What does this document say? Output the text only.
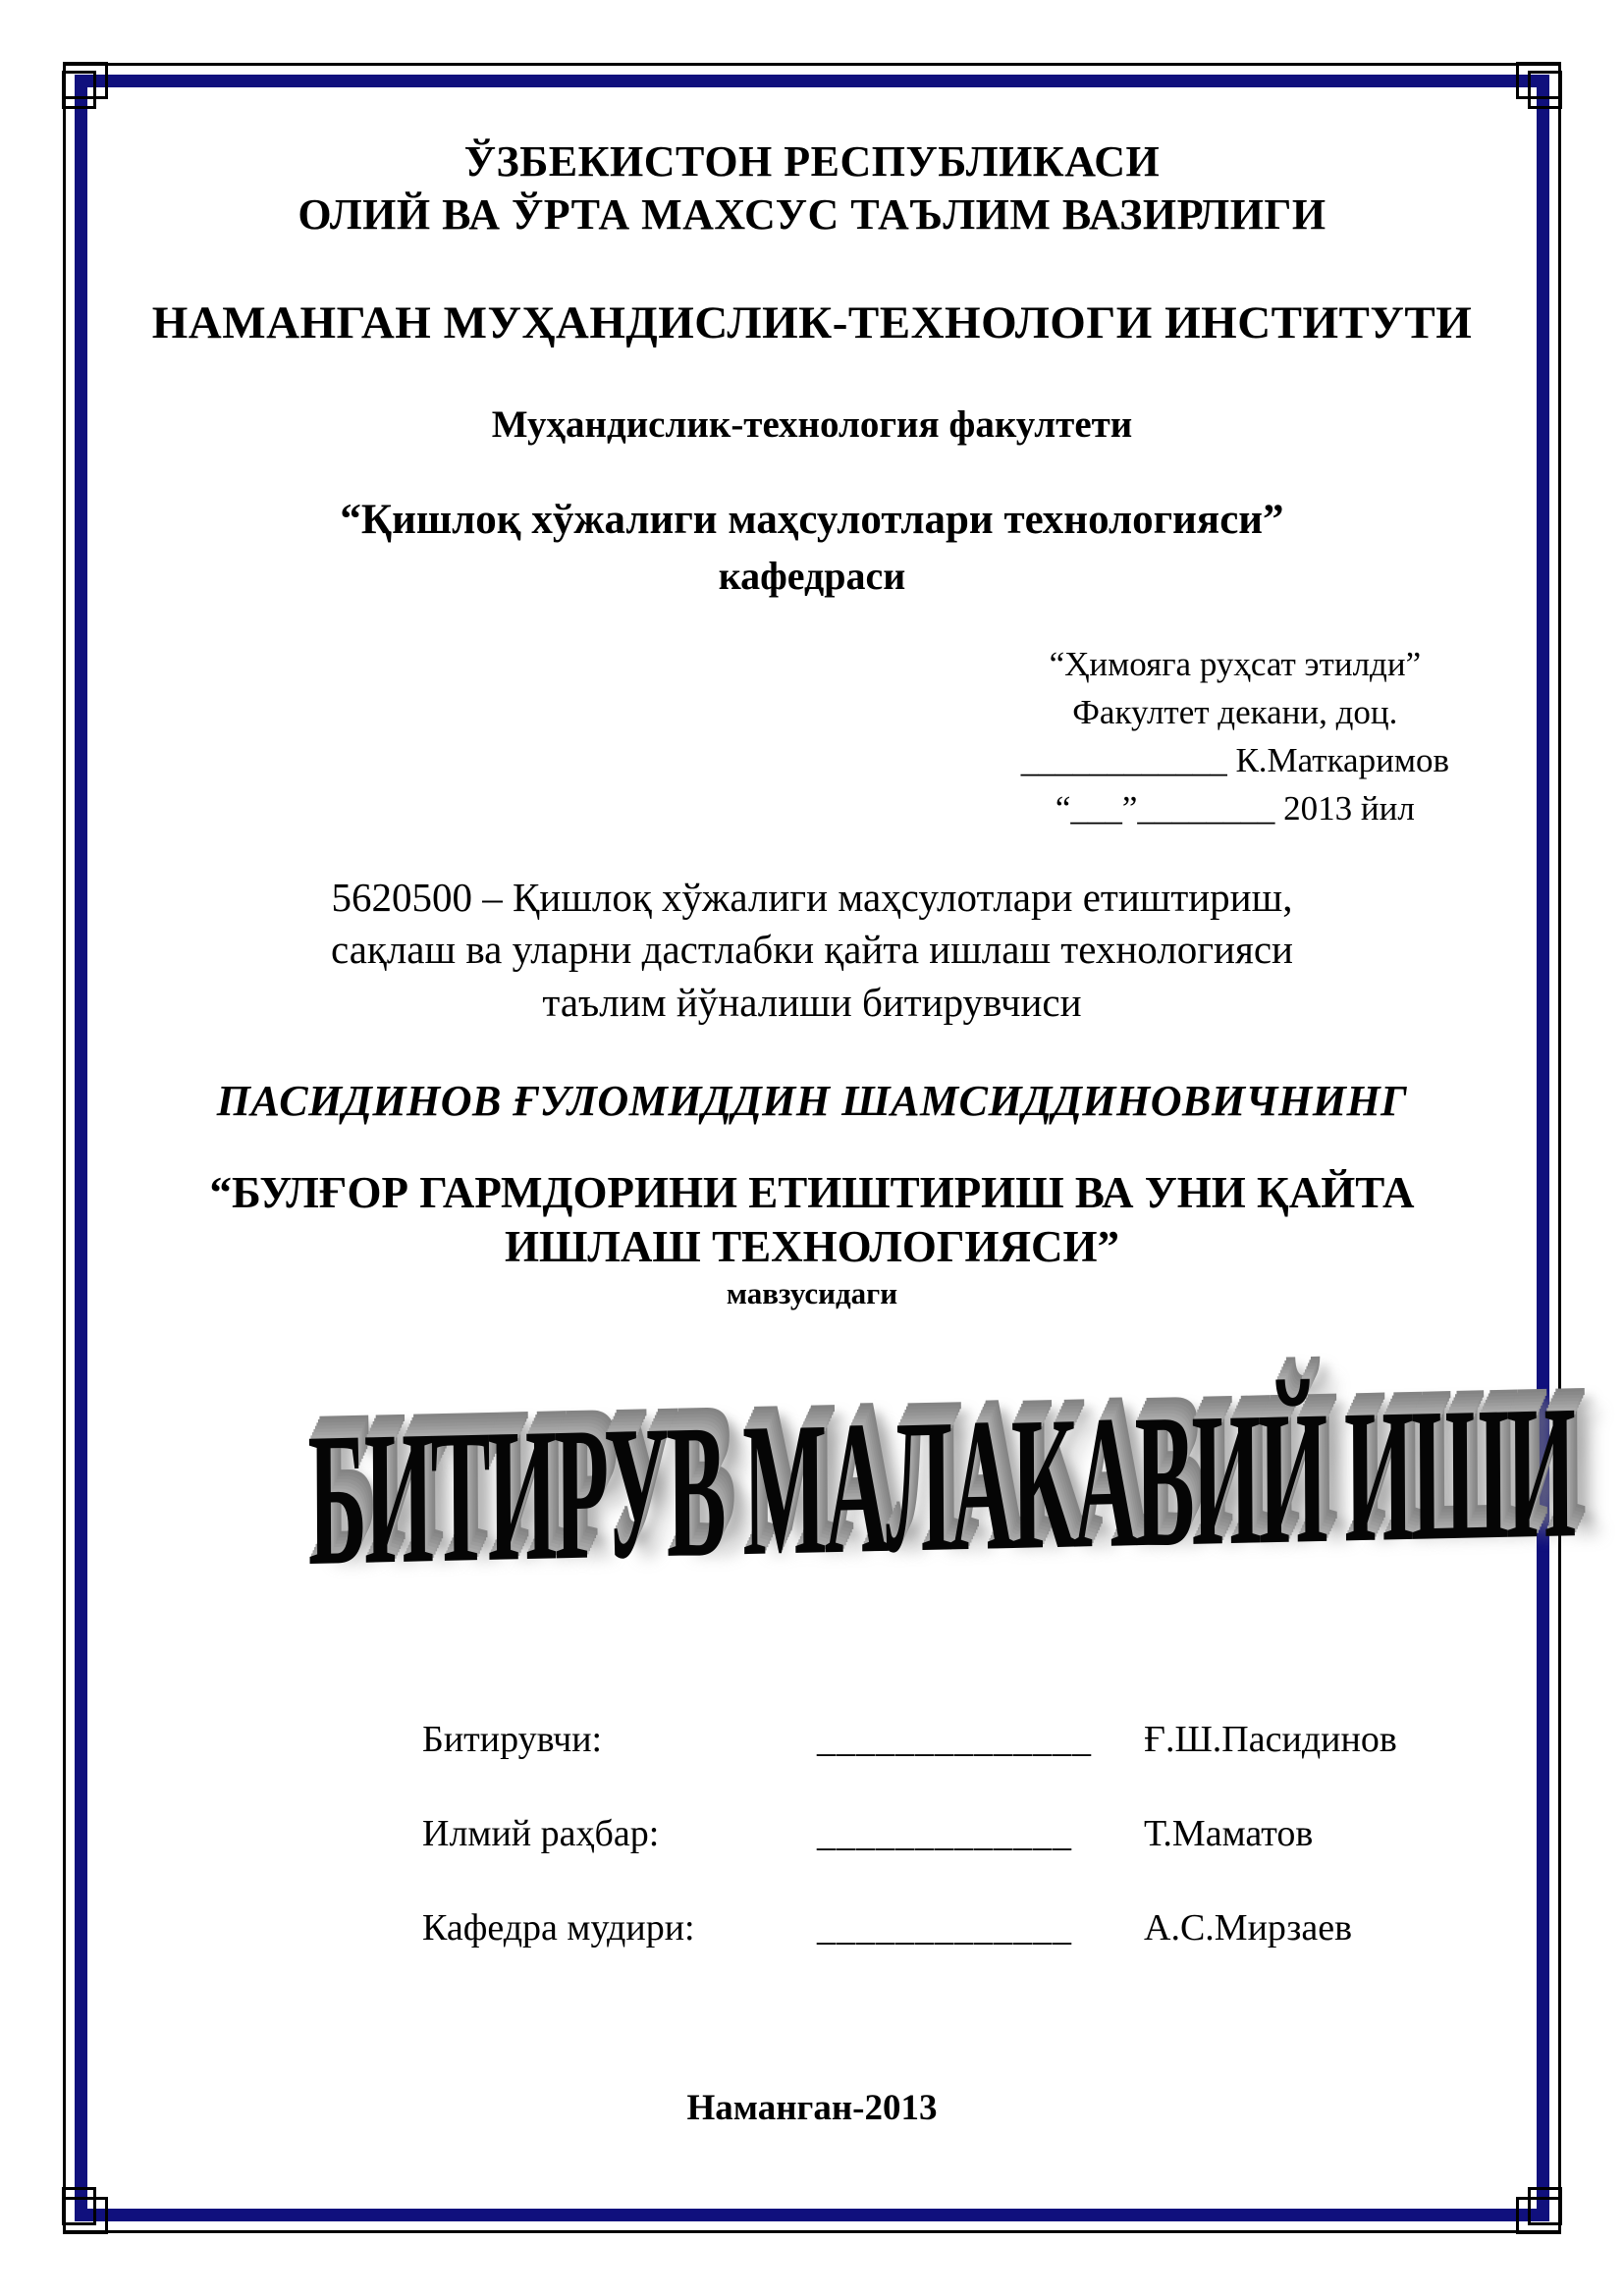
ЎЗБЕКИСТОН РЕСПУБЛИКАСИ
ОЛИЙ ВА ЎРТА МАХСУС ТАЪЛИМ ВАЗИРЛИГИ
НАМАНГАН МУҲАНДИСЛИК-ТЕХНОЛОГИ ИНСТИТУТИ
Муҳандислик-технология факултети
“Қишлоқ хўжалиги маҳсулотлари технологияси”
кафедраси
“Ҳимояга руҳсат этилди”
Факултет декани, доц.
____________ К.Маткаримов
“___”________ 2013 йил
5620500 – Қишлоқ хўжалиги маҳсулотлари етиштириш,
сақлаш ва уларни дастлабки қайта ишлаш технологияси
таълим йўналиши битирувчиси
ПАСИДИНОВ ҒУЛОМИДДИН ШАМСИДДИНОВИЧНИНГ
“БУЛҒОР ГАРМДОРИНИ ЕТИШТИРИШ ВА УНИ ҚАЙТА
ИШЛАШ ТЕХНОЛОГИЯСИ”
мавзусидаги
БИТИРУВ МАЛАКАВИЙ ИШИ
Битирувчи:	______________ Ғ.Ш.Пасидинов
Илмий раҳбар:	_____________ Т.Маматов
Кафедра мудири:	_____________ А.С.Мирзаев
Наманган-2013
